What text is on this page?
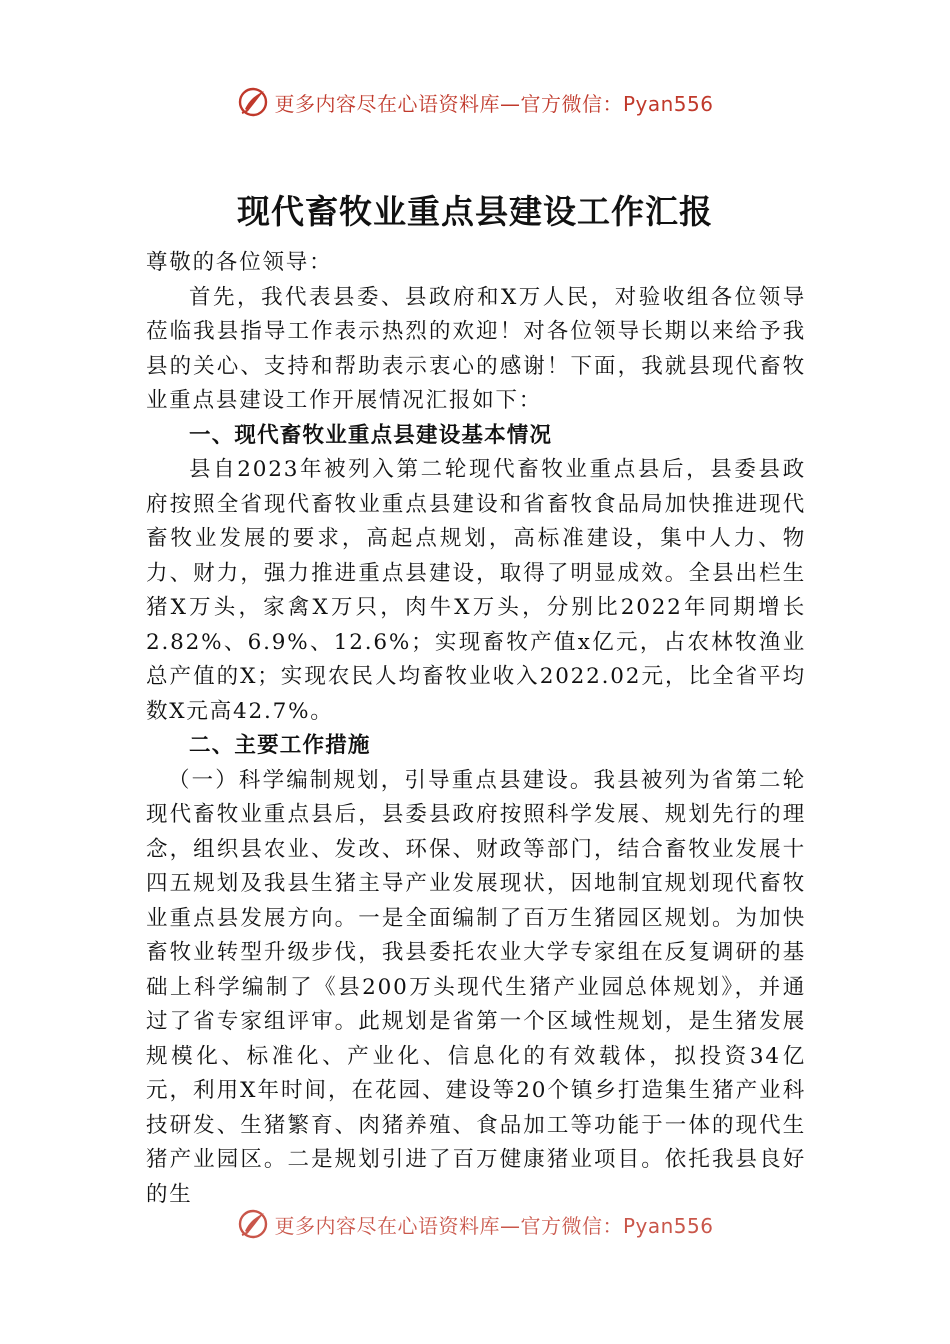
更多内容尽在心语资料库—官方微信：Pyan556
现代畜牧业重点县建设工作汇报

尊敬的各位领导：

首先，我代表县委、县政府和X万人民，对验收组各位领导莅临我县指导工作表示热烈的欢迎！对各位领导长期以来给予我县的关心、支持和帮助表示衷心的感谢！下面，我就县现代畜牧业重点县建设工作开展情况汇报如下：

一、现代畜牧业重点县建设基本情况

县自2023年被列入第二轮现代畜牧业重点县后，县委县政府按照全省现代畜牧业重点县建设和省畜牧食品局加快推进现代畜牧业发展的要求，高起点规划，高标准建设，集中人力、物力、财力，强力推进重点县建设，取得了明显成效。全县出栏生猪X万头，家禽X万只，肉牛X万头，分别比2022年同期增长2.82%、6.9%、12.6%；实现畜牧产值x亿元，占农林牧渔业总产值的X；实现农民人均畜牧业收入2022.02元，比全省平均数X元高42.7%。

二、主要工作措施

（一）科学编制规划，引导重点县建设。我县被列为省第二轮现代畜牧业重点县后，县委县政府按照科学发展、规划先行的理念，组织县农业、发改、环保、财政等部门，结合畜牧业发展十四五规划及我县生猪主导产业发展现状，因地制宜规划现代畜牧业重点县发展方向。一是全面编制了百万生猪园区规划。为加快畜牧业转型升级步伐，我县委托农业大学专家组在反复调研的基础上科学编制了《县200万头现代生猪产业园总体规划》，并通过了省专家组评审。此规划是省第一个区域性规划，是生猪发展规模化、标准化、产业化、信息化的有效载体，拟投资34亿元，利用X年时间，在花园、建设等20个镇乡打造集生猪产业科技研发、生猪繁育、肉猪养殖、食品加工等功能于一体的现代生猪产业园区。二是规划引进了百万健康猪业项目。依托我县良好的生

更多内容尽在心语资料库—官方微信：Pyan556
